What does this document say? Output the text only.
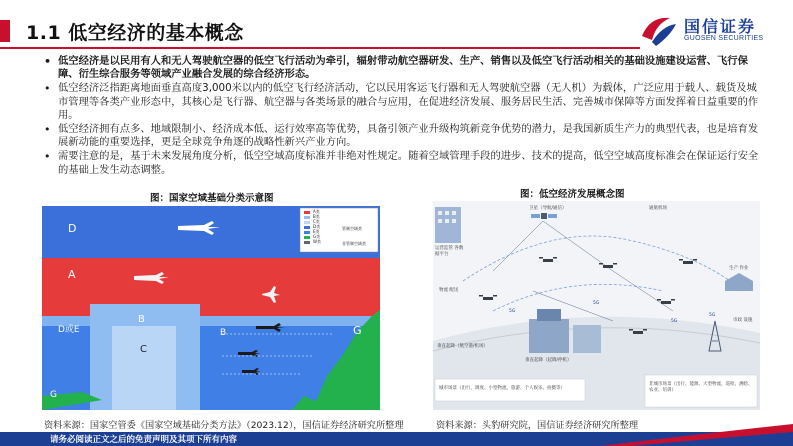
1.1 低空经济的基本概念	国信证券
GUOSEN SECURITIES
• 低空经济是以民用有人和无人驾驶航空器的低空飞行活动为牵引，辐射带动航空器研发、生产、销售以及低空飞行活动相关的基础设施建设运营、飞行保障、衍生综合服务等领域产业融合发展的综合经济形态。
• 低空经济泛指距离地面垂直高度3,000米以内的低空飞行经济活动，它以民用客运飞行器和无人驾驶航空器（无人机）为载体，广泛应用于载人、载货及城市管理等各类产业形态中，其核心是飞行器、航空器与各类场景的融合与应用，在促进经济发展、服务居民生活、完善城市保障等方面发挥着日益重要的作用。
• 低空经济拥有点多、地域限制小、经济成本低、运行效率高等优势，具备引领产业升级构筑新竞争优势的潜力，是我国新质生产力的典型代表，也是培育发展新动能的重要选择，更是全球竞争角逐的战略性新兴产业方向。
• 需要注意的是，基于未来发展角度分析，低空空域高度标准并非绝对性规定。随着空域管理手段的进步、技术的提高，低空空域高度标准会在保证运行安全的基础上发生动态调整。
图：国家空域基础分类示意图
D
A
B
C
D或E	B	G
G
A类
B类
C类
D类
E类
G类
W类
管制空域类
非管制空域类
资料来源：国家空管委《国家空域基础分类方法》（2023.12），国信证券经济研究所整理
图：低空经济发展概念图
卫星（导航/通信）
运营监管 各数据平台
通航机场
生产 作业
物流 配送
市政 设施
垂直起降（航空港/机场）
垂直起降（起降/停机）
城市场景（出行、调度、小型物流、旅游、个人娱乐、拍摄等）
非城市场景（出行、能源、大型物流、巡检、测绘、农业、培训）
5G
5G
5G
5G
资料来源：头豹研究院，国信证券经济研究所整理
请务必阅读正文之后的免责声明及其项下所有内容
